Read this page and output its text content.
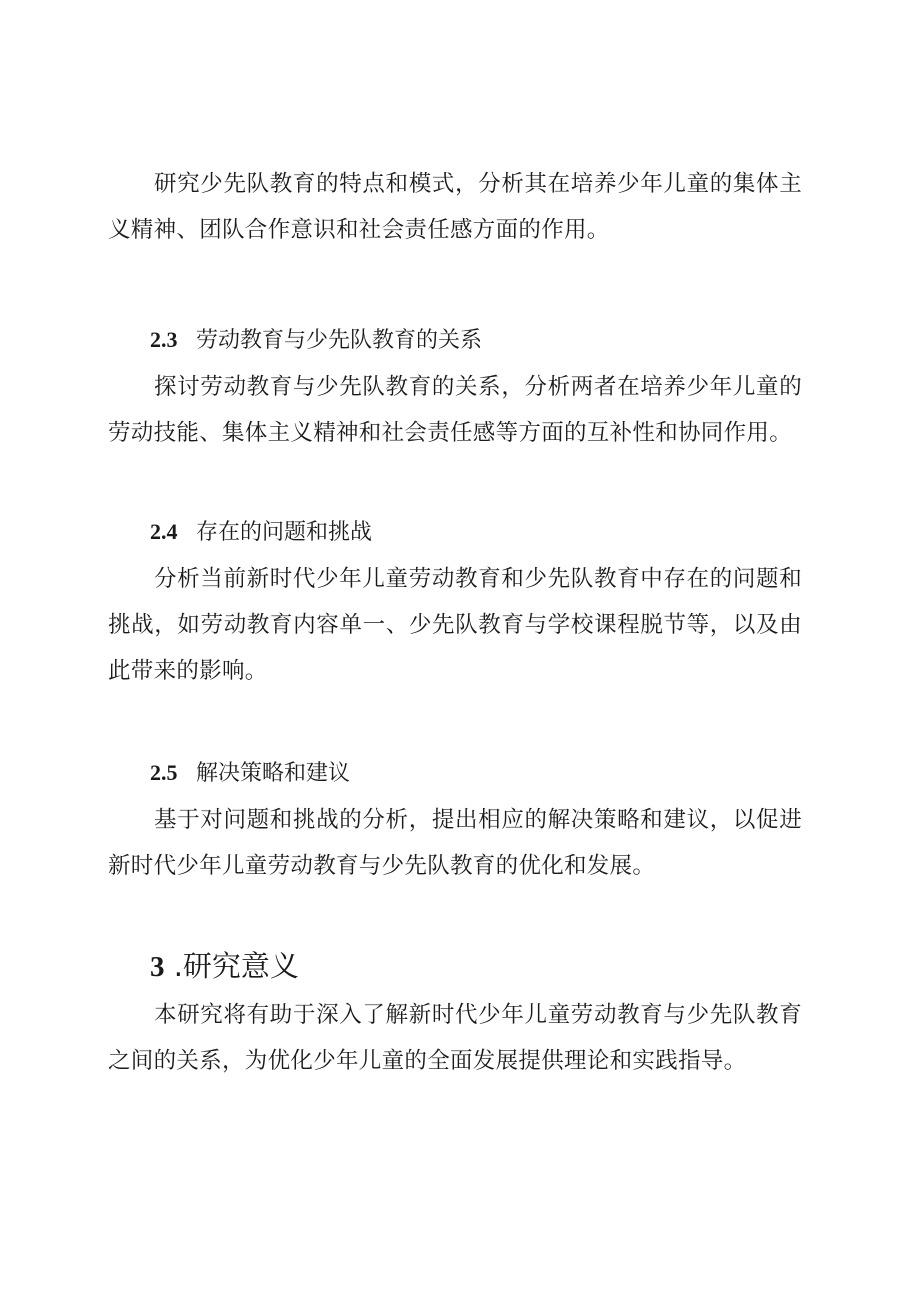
研究少先队教育的特点和模式，分析其在培养少年儿童的集体主义精神、团队合作意识和社会责任感方面的作用。

2.3 劳动教育与少先队教育的关系

探讨劳动教育与少先队教育的关系，分析两者在培养少年儿童的劳动技能、集体主义精神和社会责任感等方面的互补性和协同作用。

2.4 存在的问题和挑战

分析当前新时代少年儿童劳动教育和少先队教育中存在的问题和挑战，如劳动教育内容单一、少先队教育与学校课程脱节等，以及由此带来的影响。

2.5 解决策略和建议

基于对问题和挑战的分析，提出相应的解决策略和建议，以促进新时代少年儿童劳动教育与少先队教育的优化和发展。

3 .研究意义

本研究将有助于深入了解新时代少年儿童劳动教育与少先队教育之间的关系，为优化少年儿童的全面发展提供理论和实践指导。
